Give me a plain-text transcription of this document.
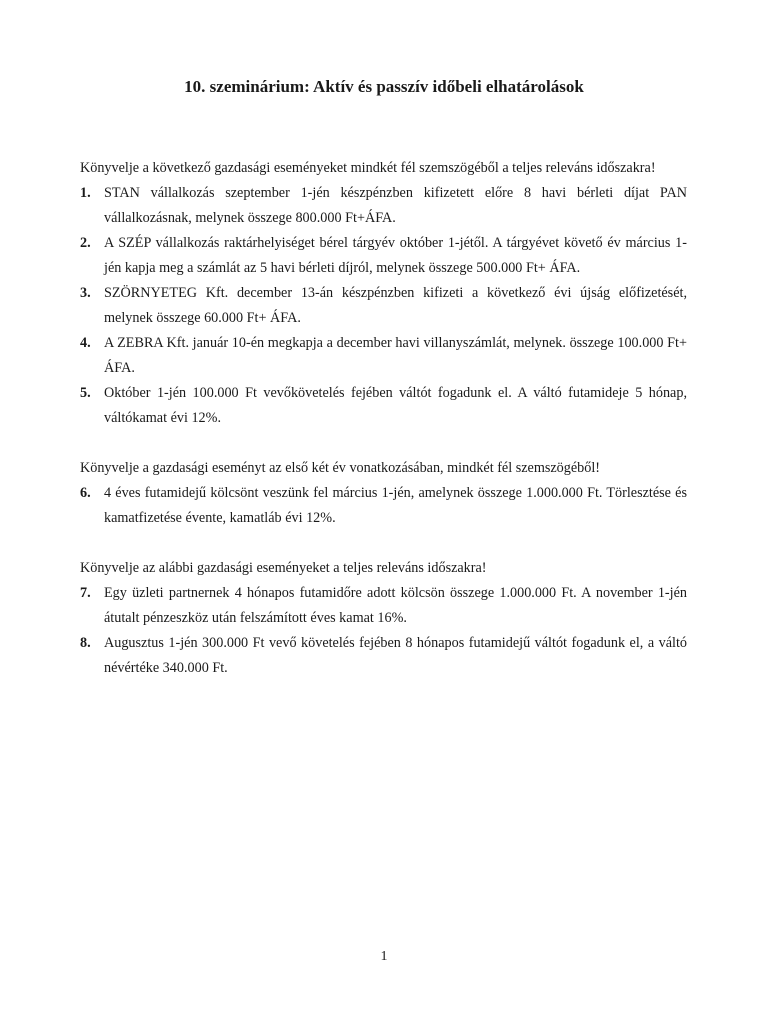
10. szeminárium: Aktív és passzív időbeli elhatárolások

Könyvelje a következő gazdasági eseményeket mindkét fél szemszögéből a teljes releváns időszakra!

1. STAN vállalkozás szeptember 1-jén készpénzben kifizetett előre 8 havi bérleti díjat PAN vállalkozásnak, melynek összege 800.000 Ft+ÁFA.
2. A SZÉP vállalkozás raktárhelyiséget bérel tárgyév október 1-jétől. A tárgyévet követő év március 1-jén kapja meg a számlát az 5 havi bérleti díjról, melynek összege 500.000 Ft+ ÁFA.
3. SZÖRNYETEG Kft. december 13-án készpénzben kifizeti a következő évi újság előfizetését, melynek összege 60.000 Ft+ ÁFA.
4. A ZEBRA Kft. január 10-én megkapja a december havi villanyszámlát, melynek. összege 100.000 Ft+ ÁFA.
5. Október 1-jén 100.000 Ft vevőkövetelés fejében váltót fogadunk el. A váltó futamideje 5 hónap, váltókamat évi 12%.

Könyvelje a gazdasági eseményt az első két év vonatkozásában, mindkét fél szemszögéből!

6. 4 éves futamidejű kölcsönt veszünk fel március 1-jén, amelynek összege 1.000.000 Ft. Törlesztése és kamatfizetése évente, kamatláb évi 12%.

Könyvelje az alábbi gazdasági eseményeket a teljes releváns időszakra!

7. Egy üzleti partnernek 4 hónapos futamidőre adott kölcsön összege 1.000.000 Ft. A november 1-jén átutalt pénzeszköz után felszámított éves kamat 16%.
8. Augusztus 1-jén 300.000 Ft vevő követelés fejében 8 hónapos futamidejű váltót fogadunk el, a váltó névértéke 340.000 Ft.
1
